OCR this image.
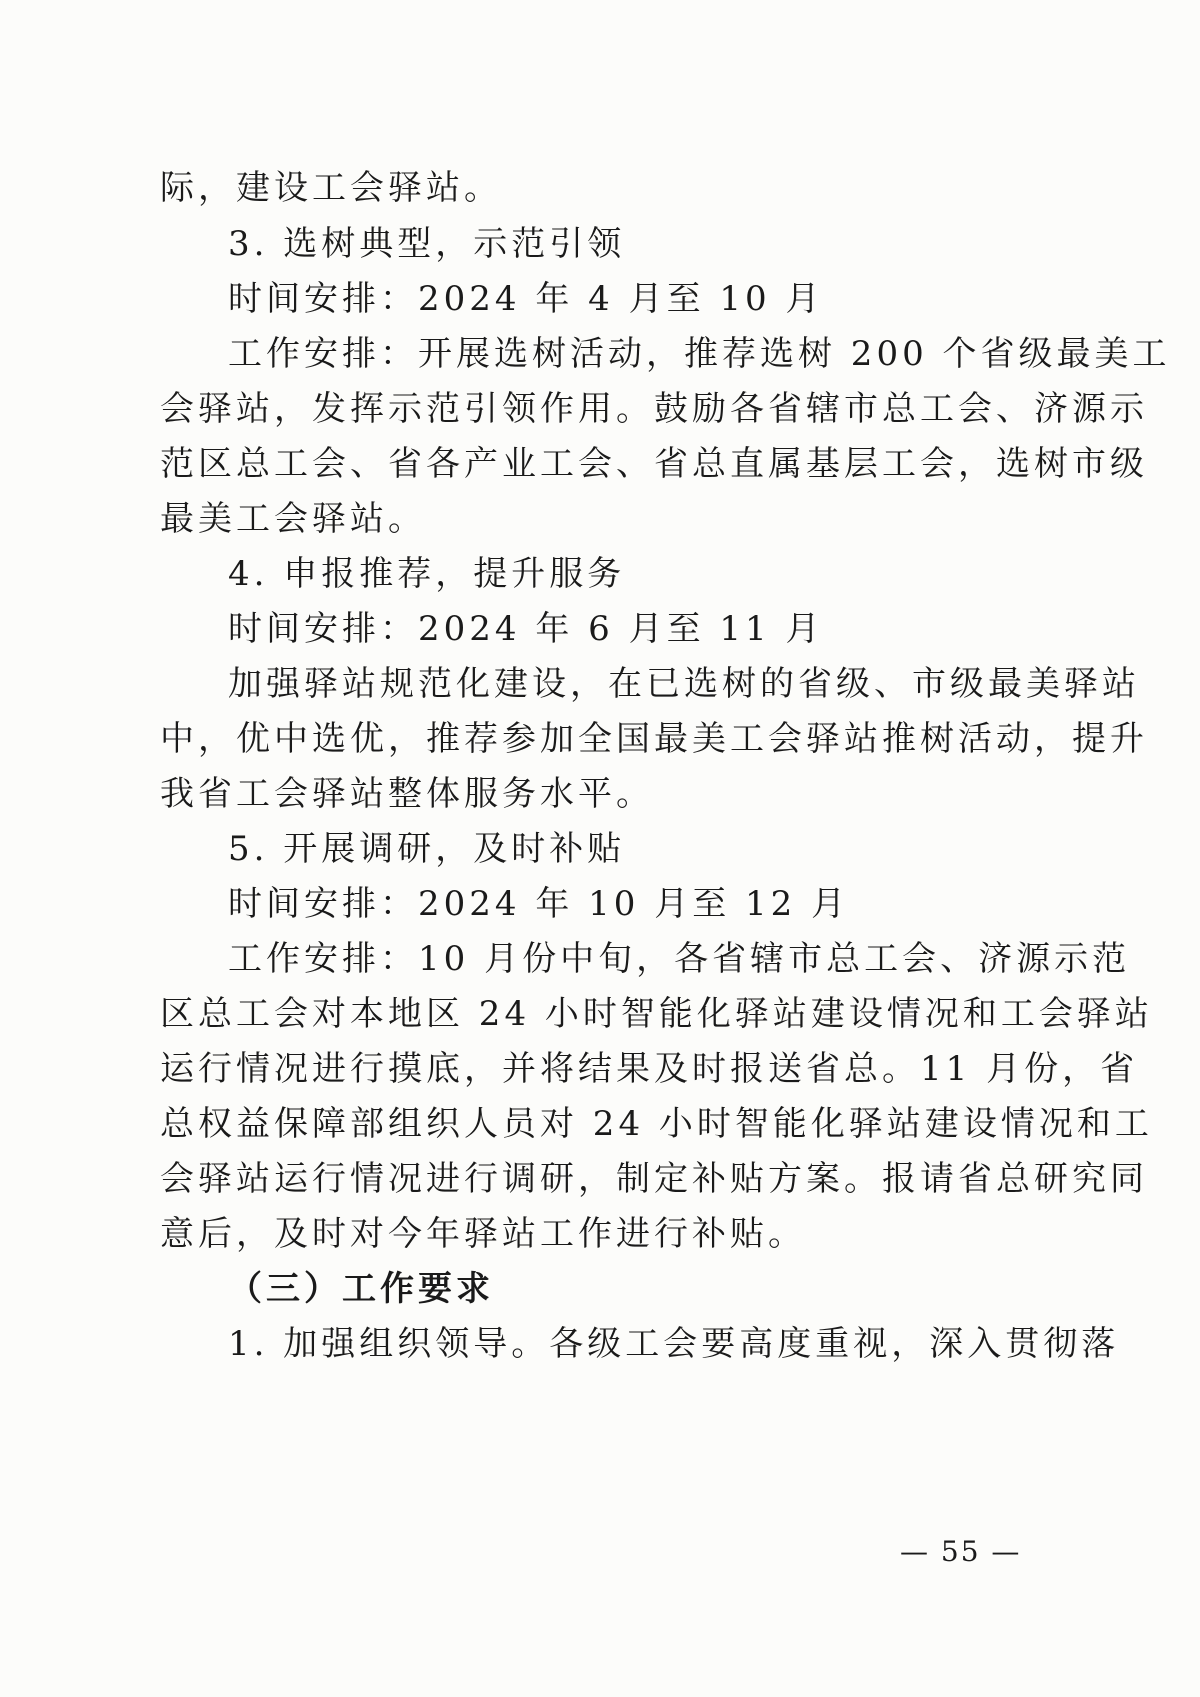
际，建设工会驿站。
3. 选树典型，示范引领
时间安排：2024 年 4 月至 10 月
工作安排：开展选树活动，推荐选树 200 个省级最美工
会驿站，发挥示范引领作用。鼓励各省辖市总工会、济源示
范区总工会、省各产业工会、省总直属基层工会，选树市级
最美工会驿站。
4. 申报推荐，提升服务
时间安排：2024 年 6 月至 11 月
加强驿站规范化建设，在已选树的省级、市级最美驿站
中，优中选优，推荐参加全国最美工会驿站推树活动，提升
我省工会驿站整体服务水平。
5. 开展调研，及时补贴
时间安排：2024 年 10 月至 12 月
工作安排：10 月份中旬，各省辖市总工会、济源示范
区总工会对本地区 24 小时智能化驿站建设情况和工会驿站
运行情况进行摸底，并将结果及时报送省总。11 月份，省
总权益保障部组织人员对 24 小时智能化驿站建设情况和工
会驿站运行情况进行调研，制定补贴方案。报请省总研究同
意后，及时对今年驿站工作进行补贴。
（三）工作要求
1. 加强组织领导。各级工会要高度重视，深入贯彻落
— 55 —
